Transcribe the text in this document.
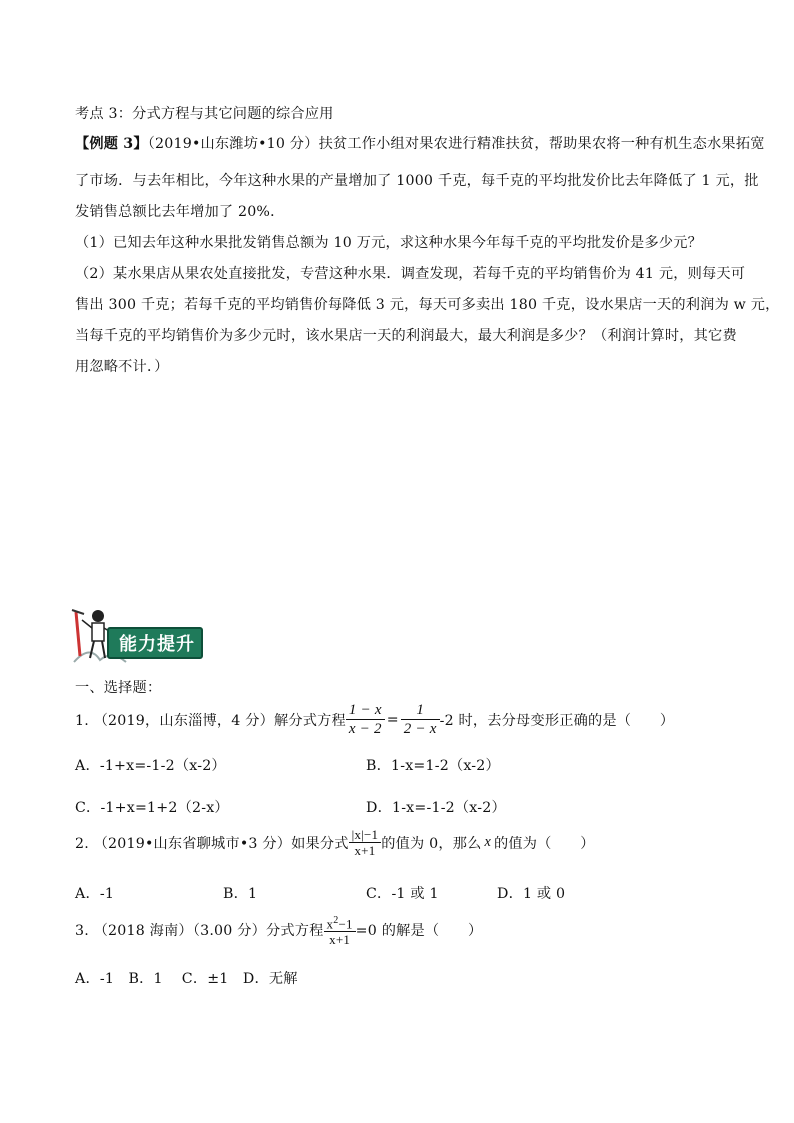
考点 3：分式方程与其它问题的综合应用
【例题 3】（2019•山东潍坊•10 分）扶贫工作小组对果农进行精准扶贫，帮助果农将一种有机生态水果拓宽
了市场．与去年相比，今年这种水果的产量增加了 1000 千克，每千克的平均批发价比去年降低了 1 元，批
发销售总额比去年增加了 20%．
（1）已知去年这种水果批发销售总额为 10 万元，求这种水果今年每千克的平均批发价是多少元？
（2）某水果店从果农处直接批发，专营这种水果．调查发现，若每千克的平均销售价为 41 元，则每天可
售出 300 千克；若每千克的平均销售价每降低 3 元，每天可多卖出 180 千克，设水果店一天的利润为 w 元，
当每千克的平均销售价为多少元时，该水果店一天的利润最大，最大利润是多少？（利润计算时，其它费
用忽略不计．）
能力提升
一、选择题：
1. （2019，山东淄博，4 分）解分式方程 $\frac{1 - x}{x - 2} = \frac{1}{2 - x} -2$ 时，去分母变形正确的是（　　）
A．-1+x=-1-2（x-2）	B．1-x=1-2（x-2）
C．-1+x=1+2（2-x）	D．1-x=-1-2（x-2）
2. （2019•山东省聊城市•3 分）如果分式 $\frac{|x|-1}{x+1}$ 的值为 0，那么 x 的值为（　　）
A．-1	B．1	C．-1 或 1	D．1 或 0
3. （2018 海南）（3.00 分）分式方程 $\frac{x^2-1}{x+1} =0$ 的解是（　　）
A．-1　B．1　 C．±1　D．无解
